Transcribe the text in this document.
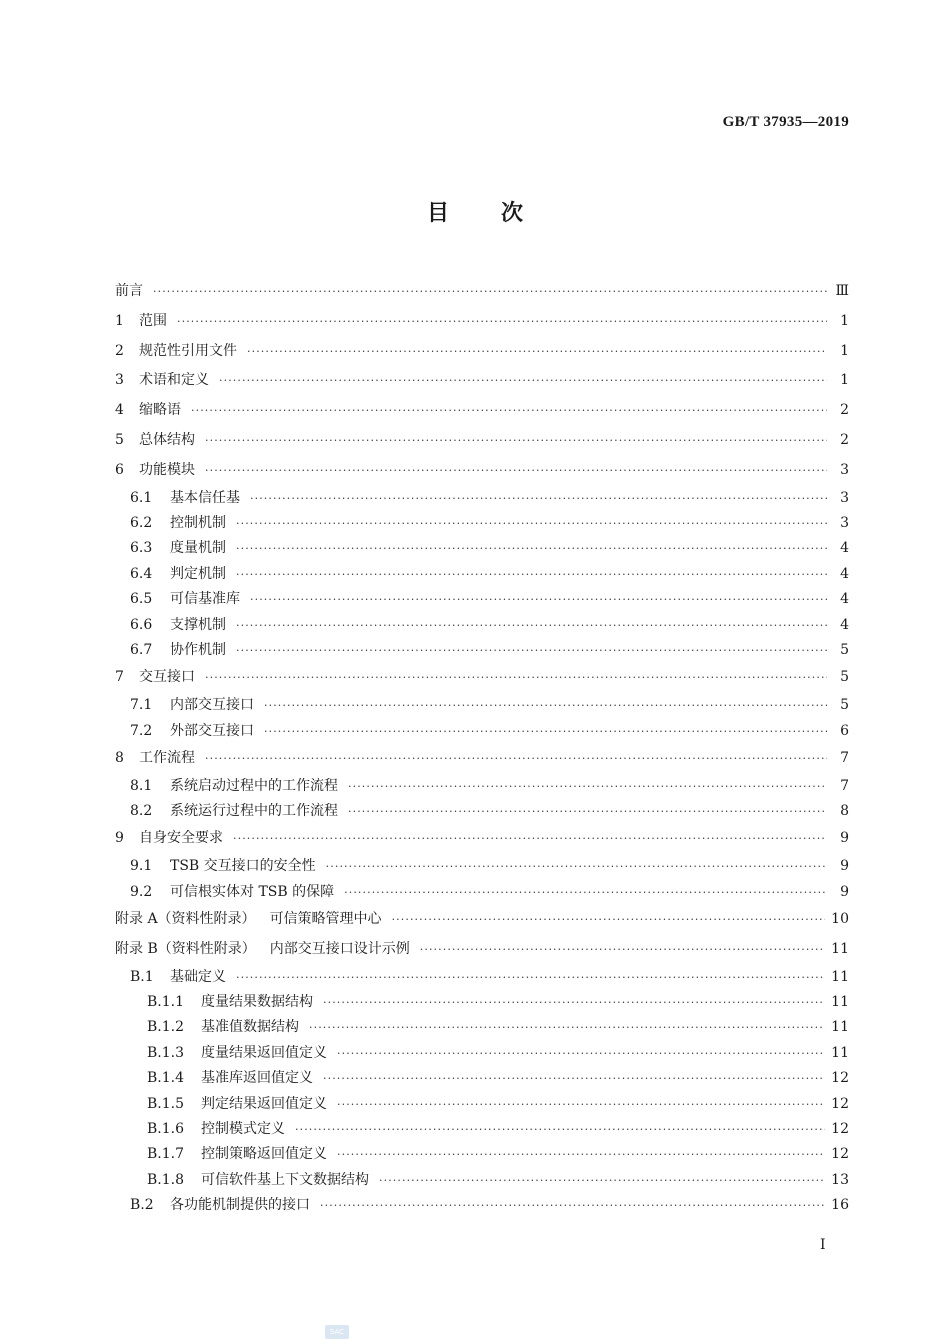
GB/T 37935—2019
目次
前言 ·····	Ⅲ
1	范围 ·····	1
2	规范性引用文件 ·····	1
3	术语和定义 ·····	1
4	缩略语 ·····	2
5	总体结构 ·····	2
6	功能模块 ·····	3
6.1	基本信任基 ·····	3
6.2	控制机制 ·····	3
6.3	度量机制 ·····	4
6.4	判定机制 ·····	4
6.5	可信基准库 ·····	4
6.6	支撑机制 ·····	4
6.7	协作机制 ·····	5
7	交互接口 ·····	5
7.1	内部交互接口 ·····	5
7.2	外部交互接口 ·····	6
8	工作流程 ·····	7
8.1	系统启动过程中的工作流程 ·····	7
8.2	系统运行过程中的工作流程 ·····	8
9	自身安全要求 ·····	9
9.1	TSB 交互接口的安全性 ·····	9
9.2	可信根实体对 TSB 的保障 ·····	9
附录 A（资料性附录） 可信策略管理中心 ·····	10
附录 B（资料性附录） 内部交互接口设计示例 ·····	11
B.1	基础定义 ·····	11
B.1.1	度量结果数据结构 ·····	11
B.1.2	基准值数据结构 ·····	11
B.1.3	度量结果返回值定义 ·····	11
B.1.4	基准库返回值定义 ·····	12
B.1.5	判定结果返回值定义 ·····	12
B.1.6	控制模式定义 ·····	12
B.1.7	控制策略返回值定义 ·····	12
B.1.8	可信软件基上下文数据结构 ·····	13
B.2	各功能机制提供的接口 ·····	16
Ⅰ
SAC
